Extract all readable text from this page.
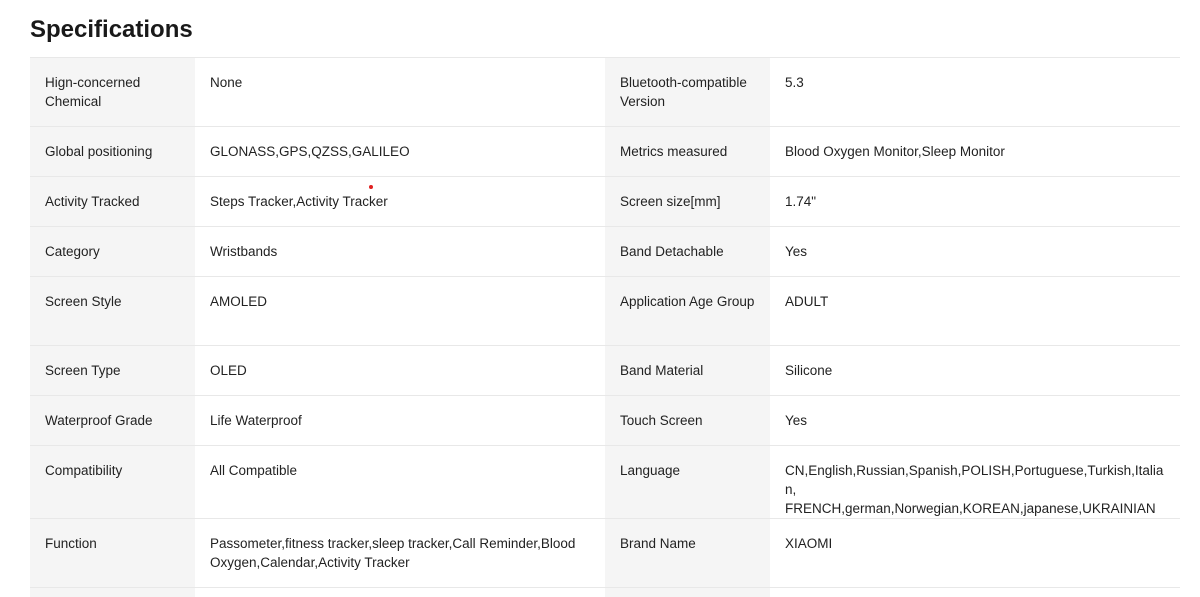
Specifications
Hign-concerned Chemical	None	Bluetooth-compatible Version	5.3
Global positioning	GLONASS,GPS,QZSS,GALILEO	Metrics measured	Blood Oxygen Monitor,Sleep Monitor
Activity Tracked	Steps Tracker,Activity Tracker	Screen size[mm]	1.74"
Category	Wristbands	Band Detachable	Yes
Screen Style	AMOLED	Application Age Group	ADULT
Screen Type	OLED	Band Material	Silicone
Waterproof Grade	Life Waterproof	Touch Screen	Yes
Compatibility	All Compatible	Language	CN,English,Russian,Spanish,POLISH,Portuguese,Turkish,Italian, FRENCH,german,Norwegian,KOREAN,japanese,UKRAINIAN
Function	Passometer,fitness tracker,sleep tracker,Call Reminder,Blood Oxygen,Calendar,Activity Tracker	Brand Name	XIAOMI
